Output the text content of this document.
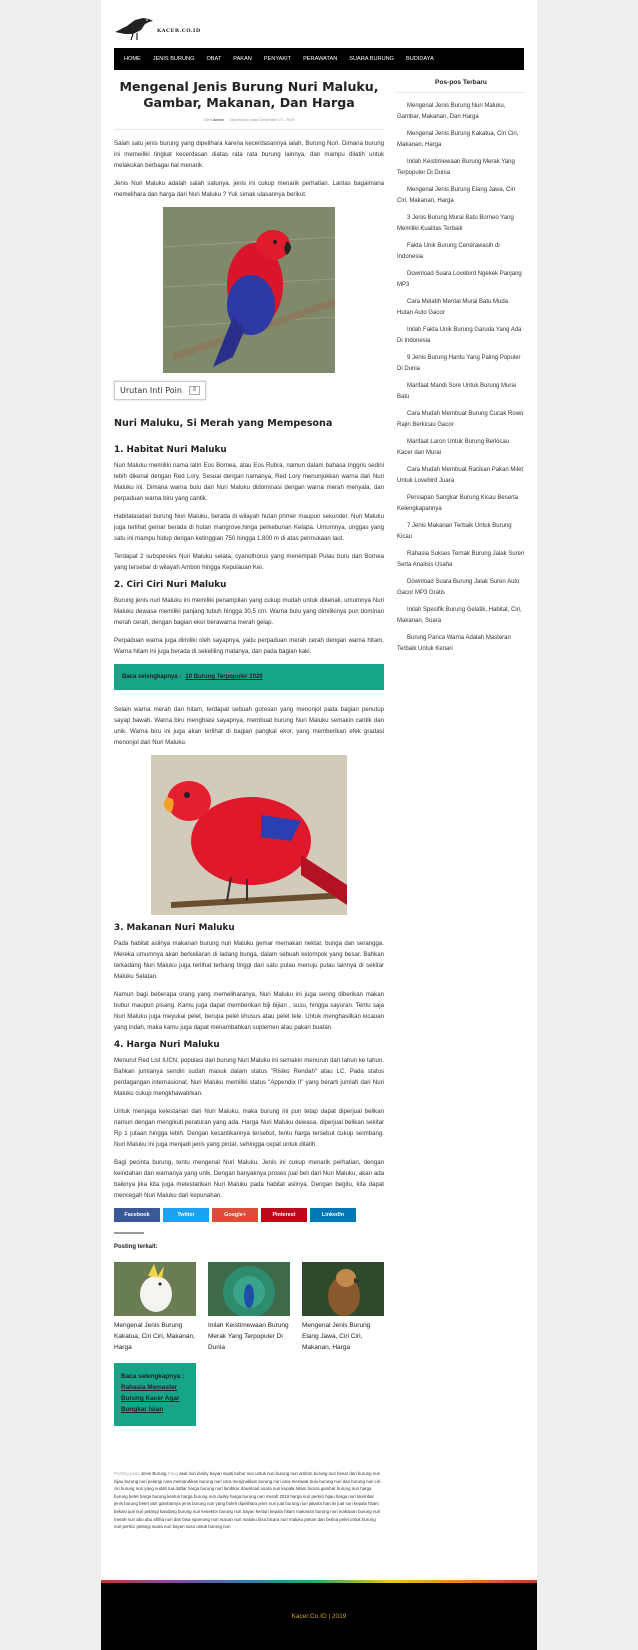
KACER.CO.ID
HOME JENIS BURUNG OBAT PAKAN PENYAKIT PERAWATAN SUARA BURUNG BUDIDAYA
Mengenal Jenis Burung Nuri Maluku, Gambar, Makanan, Dan Harga
Oleh admin  ·  Diperbarui pada Desember 27, 2019

Salah satu jenis burung yang dipelihara karena kecerdasannya ialah, Burung Nuri. Dimana burung ini memeiliki tingkat kecerdasan diatas rata rata burung lainnya, dan mampu dilatih untuk melakukan berbagai hal menarik.

Jenis Nuri Maluku adalah salah satunya, jenis ini cukup menarik perhatian. Lantas bagaimana memelihara dan harga dari Nuri Maluku ? Yuk simak ulasannya berikut.

Urutan Inti Poin	≡
Nuri Maluku, Si Merah yang Mempesona
1. Habitat Nuri Maluku

Nuri Maluku memiliki nama latin Eos Bornea, atau Eos Rubra, namun dalam bahasa Inggris sedini lebih dikenal dengan Red Lory. Sesuai dengan namanya, Red Lory menunjukkan warna dari Nuri Maluku ini. Dimana warna bulu dari Nuri Maluku didominasi dengan warna merah menyala, dan perpaduan warna biru yang cantik.

Habitatasidari burung Nuri Maluku, berada di wilayah hutan primer maupun sekunder. Nuri Maluku juga terlihat gemar berada di hutan mangrove,hinga perkebunan Kelapa. Umumnya, unggas yang satu ini mampu hidup dengan ketinggian 750 hingga 1.800 m di atas permukaan laut.

Terdapat 2 subspesies Nuri Maluku selata, cyanothorus yang menempati Pulau buru dan Bornea yang tersebar di wilayah Ambon hingga Kepulauan Kei.

2. Ciri Ciri Nuri Maluku

Burung jenis nuri Maluku ini memiliki penampilan yang cukup mudah untuk dikenali, umumnya Nuri Maluku dewasa memiliki panjang tubuh hingga 30,5 cm. Warna bulu yang dimilikinya pun dominan merah cerah, dengan bagian ekor berawarna merah gelap.

Perpaduan warna juga dimiliki oleh sayapnya, yaitu perpaduan merah cerah dengan warna hitam. Warna hitam ini juga berada di sekeliling matanya, dan pada bagian kaki.

Baca selengkapnya : 10 Burung Terpopuler 2020

Selain warna merah dan hitam, terdapat sebuah goresan yang menonjol pada bagian penutup sayap bawah. Warna biru menghiasi sayapnya, membuat burung Nuri Maluku semakin cantik dan unik. Warna biru ini juga akan terlihat di bagian pangkal ekor, yang memberikan efek gradasi menonjol dari Nuri Maluku.

3. Makanan Nuri Maluku

Pada habitat aslinya makanan burung nuri Maluku gemar memakan nektar, bunga dan serangga. Mereka umumnya akan berkeliaran di ladang bunga, dalam sebuah kelompok yang besar. Bahkan terkadang Nuri Maluku juga terlihat terbang tinggi dari satu pulau menuju pulau lainnya di sekitar Maluku Selatan.

Namun bagi beberapa orang yang memeliharanya, Nuri Maluku ini juga sering diberikan makan bubur maupun pisang. Kamu juga dapat memberikan biji bijian , susu, hingga sayuran. Tentu saja Nuri Maluku juga meyukai pelet, berupa pelet khusus atau pelet lele. Untuk menghasilkan kicauan yang indah, maka kamu juga dapat menambahkan suplemen atau pakan buatan.

4. Harga Nuri Maluku

Menurut Red List IUCN, populasi dari burung Nuri Maluku ini semakin menurun dari tahun ke tahun. Bahkan jumlanya sendiri sudah masuk dalam status "Risiko Rendah" atau LC. Pada status perdagangan internasional, Nuri Maluku memiliki status "Appendix II" yang berarti jumlah dari Nuri Maluku cukup mengkhawatirkan.

Untuk menjaga kelestarian dari Nuri Maluku, maka burung ini pun tetap dapat diperjual belikan namun dengan mengikuti peraturan yang ada. Harga Nuri Maluku dewasa, diperjual belikan sekitar Rp 1 jutaan hingga lebih. Dengan kecantikannya tersebut, tentu harga tersebut cukup seimbang. Nuri Maluku ini juga menjadi jenis yang pintar, sehingga cepat untuk dilatih.

Bagi pecinta burung, tentu mengenal Nuri Maluku. Jenis ini cukup menarik perhatian, dengan keindahan dan warnanya yang unik. Dengan banyaknya proses jual beli dari Nuri Maluku, akan ada baiknya jika kita juga melestarikan Nuri Maluku pada habitat aslinya. Dengan begitu, kita dapat mencegah Nuri Maluku dari kepunahan.

Facebook	Twitter	Google+	Pinterest	LinkedIn
Posting terkait:
Mengenal Jenis Burung Kakatua, Ciri Ciri, Makanan, Harga
Inilah Keistimewaan Burung Merak Yang Terpopuler Di Dunia
Mengenal Jenis Burung Elang Jawa, Ciri Ciri, Makanan, Harga
Baca selengkapnya : Rahasia Memaster Burung Kacer Agar Bongkar Isian
Posting pada Jenis Burung Ditag asal nuri dusky bayan sejati bubur sun untuk nuri burung nuri ambon burung nuri besar dari burung nuri hijau burung nuri pelangi cara memandikan burung nuri cara menjinakkan burung nuri cara merawat bulu burung nuri dari burung nuri ciri-ciri burung nuri yang sudah tua daftar harga burung nuri lambkar download suara nuri kepala hitam bicara gambar burung nuri harga burung betet harga burung kesturi harga burung nuri dusky harga burung nuri merah 2019 harga nuri perkici hijau harga nuri tanimbar jenis burung betet dan gambarnya jenis burung nuri yang boleh dipelihara jenis nuri jual burung nuri jakarta harcini jual nuri kepala hitam bekasi jual nuri pelangi kandang burung nuri kesektor burung nuri bayan kesturi kepala hitam makanan burung nuri makanan burung nuri merah nuri abu abu afrika nuri dari bisa ngomong nuri macan nuri maluku bisa bicara nuri maluku jantan dan betina pelet untuk burung nuri perkici pelangi suara nuri bayan susu untuk burung nuri
Pos-pos Terbaru
Mengenal Jenis Burung Nuri Maluku, Gambar, Makanan, Dan Harga
Mengenal Jenis Burung Kakatua, Ciri Ciri, Makanan, Harga
Inilah Keistimewaan Burung Merak Yang Terpopuler Di Dunia
Mengenal Jenis Burung Elang Jawa, Ciri Ciri, Makanan, Harga
3 Jenis Burung Murai Batu Borneo Yang Memiliki Kualitas Terbaik
Fakta Unik Burung Cendrawasih di Indonesia
Download Suara Lovebird Ngekek Panjang MP3
Cara Melatih Mental Murai Batu Muda Hutan Auto Gacor
Inilah Fakta Unik Burung Garuda Yang Ada Di Indonesia
9 Jenis Burung Hantu Yang Paling Populer Di Dunia
Manfaat Mandi Sore Untuk Burung Murai Batu
Cara Mudah Membuat Burung Cucak Rowo Rajin Berkicau Gacor
Manfaat Laron Untuk Burung Berkicau Kacer dan Murai
Cara Mudah Membuat Racikan Pakan Milet Untuk Lovebird Juara
Persiapan Sangkar Burung Kicau Beserta Kelengkapannya
7 Jenis Makanan Terbaik Untuk Burung Kicau
Rahasia Sukses Ternak Burung Jalak Suren Serta Analisis Usaha
Download Suara Burung Jalak Suren Auto Gacor MP3 Gratis
Inilah Spesifik Burung Gelatik, Habitat, Ciri, Makanan, Suara
Burung Panca Warna Adalah Masteran Terbaik Untuk Kenari
Kacer.Co.ID | 2019
